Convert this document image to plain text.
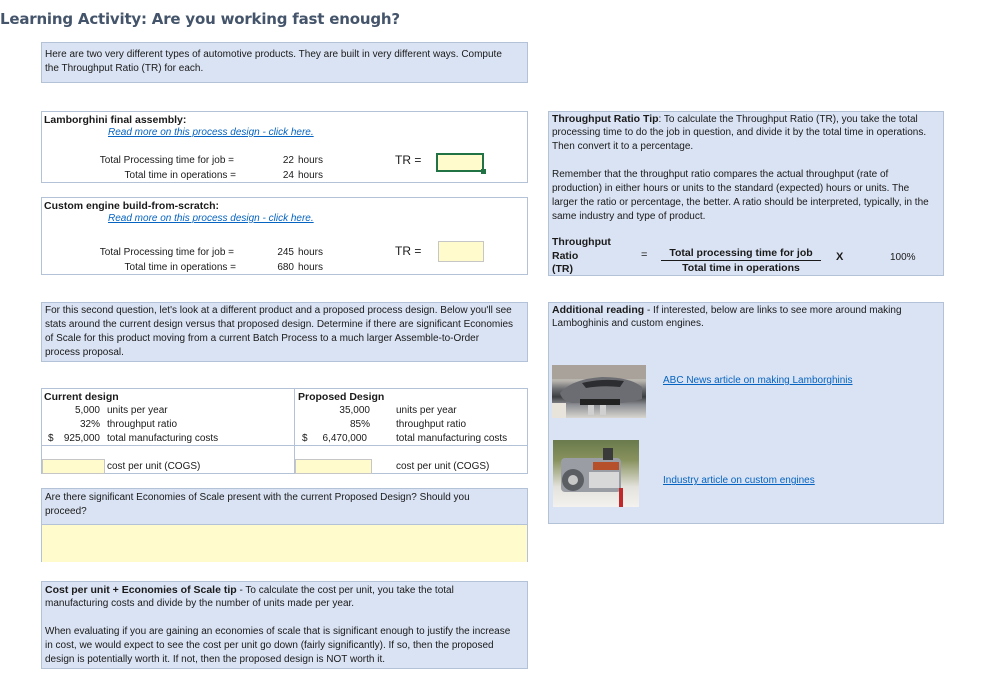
Learning Activity: Are you working fast enough?
Here are two very different types of automotive products. They are built in very different ways. Compute
the Throughput Ratio (TR) for each.
Lamborghini final assembly:
Read more on this process design - click here.
Total Processing time for job =	22 hours
Total time in operations =	24 hours
TR =
Custom engine build-from-scratch:
Read more on this process design - click here.
Total Processing time for job =	245 hours
Total time in operations =	680 hours
TR =
Throughput Ratio Tip: To calculate the Throughput Ratio (TR), you take the total
processing time to do the job in question, and divide it by the total time in operations.
Then convert it to a percentage.
Remember that the throughput ratio compares the actual throughput (rate of
production) in either hours or units to the standard (expected) hours or units. The
larger the ratio or percentage, the better. A ratio should be interpreted, typically, in the
same industry and type of product.
Throughput
Ratio
(TR)
=	Total processing time for job
Total time in operations
X	100%
For this second question, let's look at a different product and a proposed process design. Below you'll see
stats around the current design versus that proposed design. Determine if there are significant Economies
of Scale for this product moving from a current Batch Process to a much larger Assemble-to-Order
process proposal.
Current design
5,000 units per year
32% throughput ratio
$	925,000 total manufacturing costs
cost per unit (COGS)
Proposed Design
35,000	units per year
85%	throughput ratio
$	6,470,000	total manufacturing costs
cost per unit (COGS)
Are there significant Economies of Scale present with the current Proposed Design? Should you
proceed?
Cost per unit + Economies of Scale tip - To calculate the cost per unit, you take the total
manufacturing costs and divide by the number of units made per year.
When evaluating if you are gaining an economies of scale that is significant enough to justify the increase
in cost, we would expect to see the cost per unit go down (fairly significantly). If so, then the proposed
design is potentially worth it. If not, then the proposed design is NOT worth it.
Additional reading - If interested, below are links to see more around making
Lamboghinis and custom engines.
ABC News article on making Lamborghinis
Industry article on custom engines
